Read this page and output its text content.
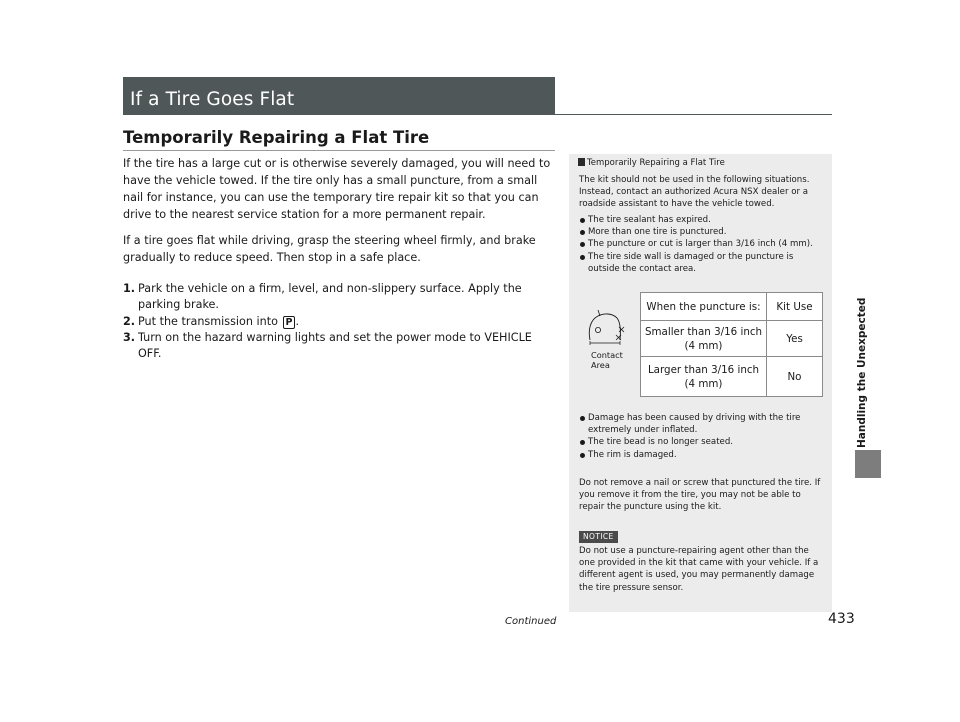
If a Tire Goes Flat
Temporarily Repairing a Flat Tire

If the tire has a large cut or is otherwise severely damaged, you will need to have the vehicle towed. If the tire only has a small puncture, from a small nail for instance, you can use the temporary tire repair kit so that you can drive to the nearest service station for a more permanent repair.

If a tire goes flat while driving, grasp the steering wheel firmly, and brake gradually to reduce speed. Then stop in a safe place.

1. Park the vehicle on a firm, level, and non-slippery surface. Apply the parking brake.
2. Put the transmission into P .
3. Turn on the hazard warning lights and set the power mode to VEHICLE OFF.
Temporarily Repairing a Flat Tire

The kit should not be used in the following situations. Instead, contact an authorized Acura NSX dealer or a roadside assistant to have the vehicle towed.

The tire sealant has expired.
More than one tire is punctured.
The puncture or cut is larger than 3/16 inch (4 mm).
The tire side wall is damaged or the puncture is outside the contact area.
Contact
Area
When the puncture is:	Kit Use

Smaller than 3/16 inch
(4 mm)	Yes

Larger than 3/16 inch
(4 mm)	No
Damage has been caused by driving with the tire extremely under inflated.
The tire bead is no longer seated.
The rim is damaged.

Do not remove a nail or screw that punctured the tire. If you remove it from the tire, you may not be able to repair the puncture using the kit.

NOTICE

Do not use a puncture-repairing agent other than the one provided in the kit that came with your vehicle. If a different agent is used, you may permanently damage the tire pressure sensor.

Continued	433
Handling the Unexpected
